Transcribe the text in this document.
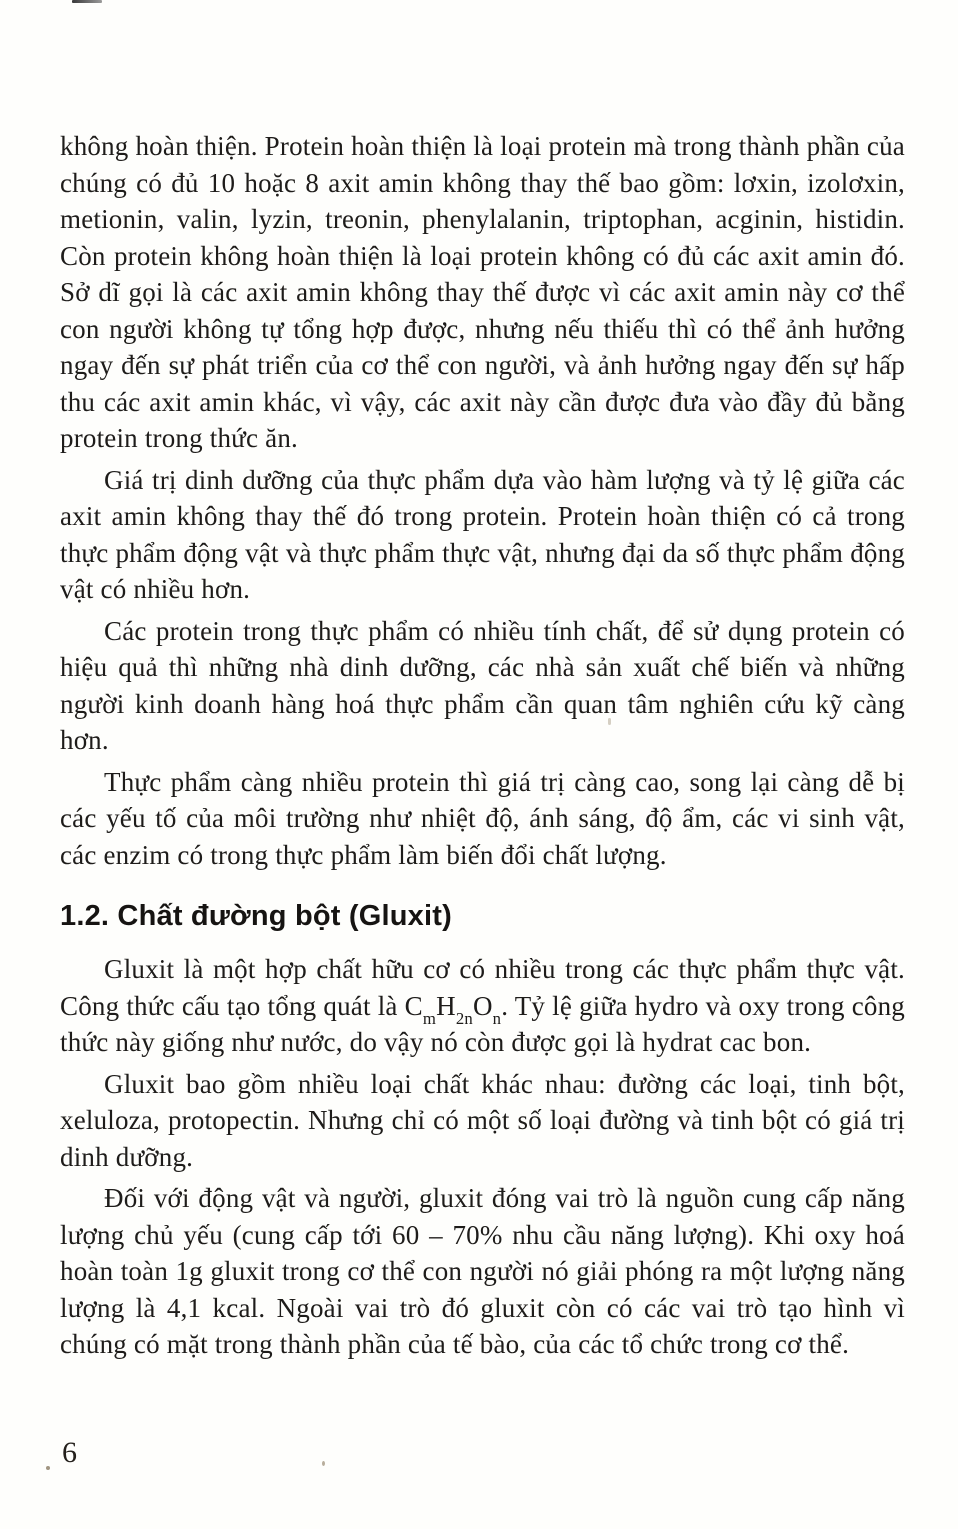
không hoàn thiện. Protein hoàn thiện là loại protein mà trong thành phần của chúng có đủ 10 hoặc 8 axit amin không thay thế bao gồm: lơxin, izolơxin, metionin, valin, lyzin, treonin, phenylalanin, triptophan, acginin, histidin. Còn protein không hoàn thiện là loại protein không có đủ các axit amin đó. Sở dĩ gọi là các axit amin không thay thế được vì các axit amin này cơ thể con người không tự tổng hợp được, nhưng nếu thiếu thì có thể ảnh hưởng ngay đến sự phát triển của cơ thể con người, và ảnh hưởng ngay đến sự hấp thu các axit amin khác, vì vậy, các axit này cần được đưa vào đầy đủ bằng protein trong thức ăn.

Giá trị dinh dưỡng của thực phẩm dựa vào hàm lượng và tỷ lệ giữa các axit amin không thay thế đó trong protein. Protein hoàn thiện có cả trong thực phẩm động vật và thực phẩm thực vật, nhưng đại da số thực phẩm động vật có nhiều hơn.

Các protein trong thực phẩm có nhiều tính chất, để sử dụng protein có hiệu quả thì những nhà dinh dưỡng, các nhà sản xuất chế biến và những người kinh doanh hàng hoá thực phẩm cần quan tâm nghiên cứu kỹ càng hơn.

Thực phẩm càng nhiều protein thì giá trị càng cao, song lại càng dễ bị các yếu tố của môi trường như nhiệt độ, ánh sáng, độ ẩm, các vi sinh vật, các enzim có trong thực phẩm làm biến đổi chất lượng.

1.2. Chất đường bột (Gluxit)

Gluxit là một hợp chất hữu cơ có nhiều trong các thực phẩm thực vật. Công thức cấu tạo tổng quát là $C_mH_{2n}O_n$. Tỷ lệ giữa hydro và oxy trong công thức này giống như nước, do vậy nó còn được gọi là hydrat cac bon.

Gluxit bao gồm nhiều loại chất khác nhau: đường các loại, tinh bột, xeluloza, protopectin. Nhưng chỉ có một số loại đường và tinh bột có giá trị dinh dưỡng.

Đối với động vật và người, gluxit đóng vai trò là nguồn cung cấp năng lượng chủ yếu (cung cấp tới 60 – 70% nhu cầu năng lượng). Khi oxy hoá hoàn toàn 1g gluxit trong cơ thể con người nó giải phóng ra một lượng năng lượng là 4,1 kcal. Ngoài vai trò đó gluxit còn có các vai trò tạo hình vì chúng có mặt trong thành phần của tế bào, của các tổ chức trong cơ thể.

6
